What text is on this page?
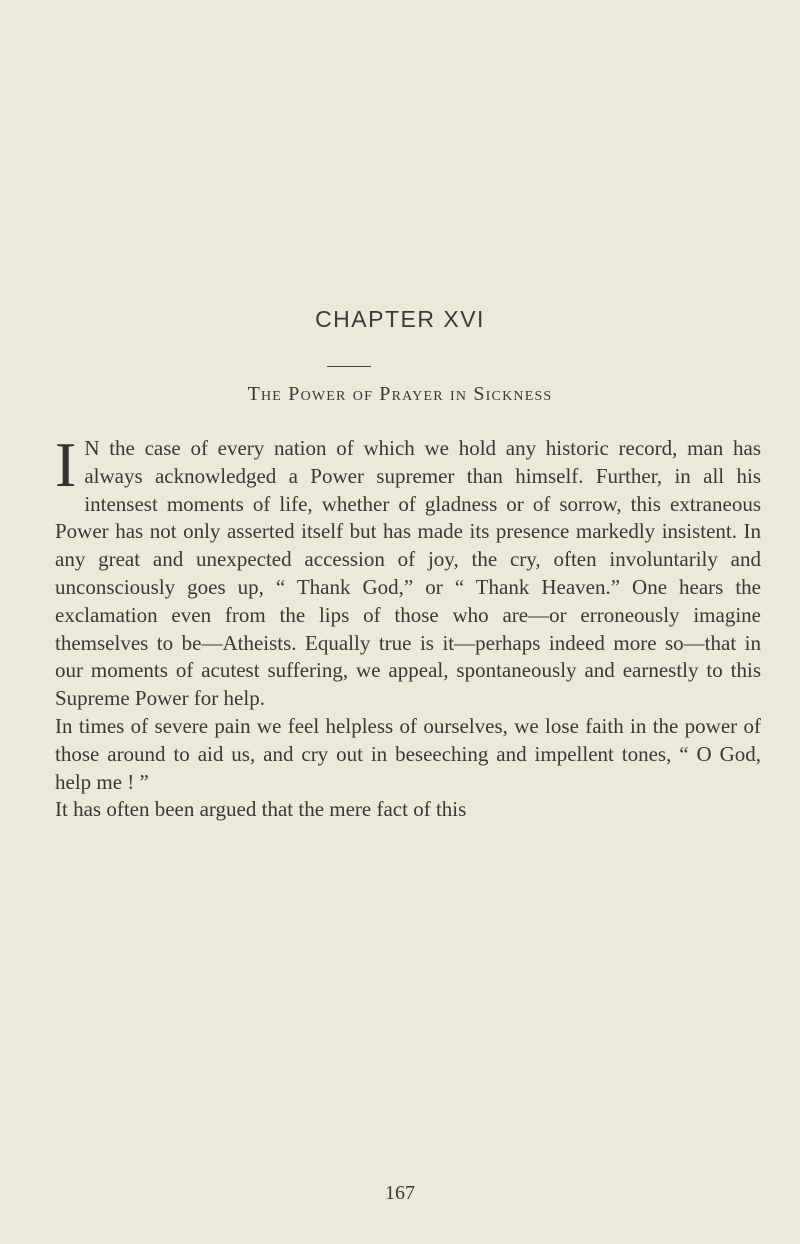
CHAPTER XVI
The Power of Prayer in Sickness

I N the case of every nation of which we hold any historic record, man has always acknowledged a Power supremer than himself. Further, in all his intensest moments of life, whether of gladness or of sorrow, this extraneous Power has not only asserted itself but has made its presence markedly insistent. In any great and unexpected accession of joy, the cry, often involuntarily and unconsciously goes up, “ Thank God,” or “ Thank Heaven.” One hears the exclamation even from the lips of those who are—or erroneously imagine themselves to be—Atheists. Equally true is it—perhaps indeed more so—that in our moments of acutest suffering, we appeal, spontaneously and earnestly to this Supreme Power for help.

In times of severe pain we feel helpless of ourselves, we lose faith in the power of those around to aid us, and cry out in beseeching and impellent tones, “ O God, help me ! ”

It has often been argued that the mere fact of this

167
